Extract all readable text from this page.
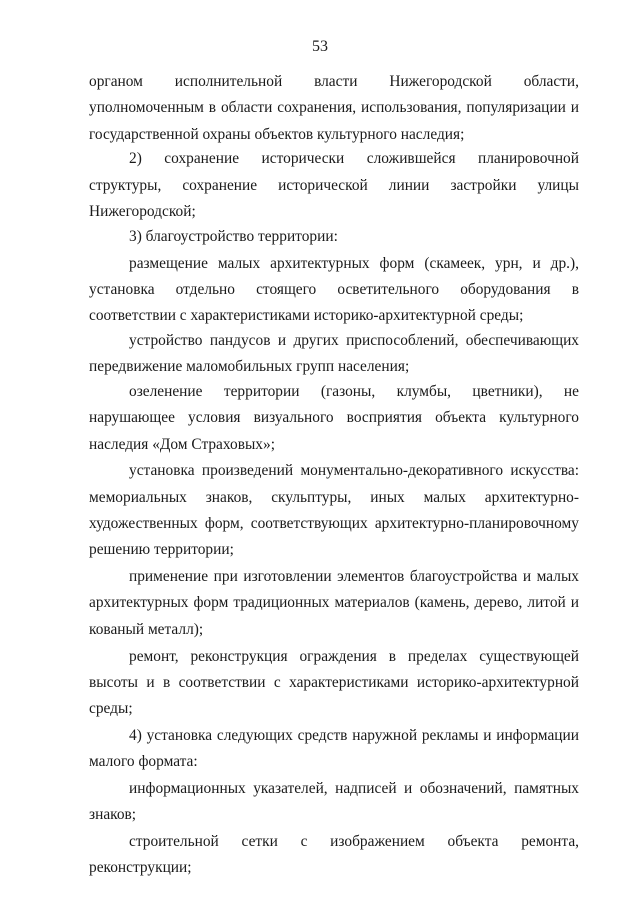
53

органом исполнительной власти Нижегородской области, уполномоченным в области сохранения, использования, популяризации и государственной охраны объектов культурного наследия;

2) сохранение исторически сложившейся планировочной структуры, сохранение исторической линии застройки улицы Нижегородской;

3) благоустройство территории:

размещение малых архитектурных форм (скамеек, урн, и др.), установка отдельно стоящего осветительного оборудования в соответствии с характеристиками историко-архитектурной среды;

устройство пандусов и других приспособлений, обеспечивающих передвижение маломобильных групп населения;

озеленение территории (газоны, клумбы, цветники), не нарушающее условия визуального восприятия объекта культурного наследия «Дом Страховых»;

установка произведений монументально-декоративного искусства: мемориальных знаков, скульптуры, иных малых архитектурно-художественных форм, соответствующих архитектурно-планировочному решению территории;

применение при изготовлении элементов благоустройства и малых архитектурных форм традиционных материалов (камень, дерево, литой и кованый металл);

ремонт, реконструкция ограждения в пределах существующей высоты и в соответствии с характеристиками историко-архитектурной среды;

4) установка следующих средств наружной рекламы и информации малого формата:

информационных указателей, надписей и обозначений, памятных знаков;

строительной сетки с изображением объекта ремонта, реконструкции;
